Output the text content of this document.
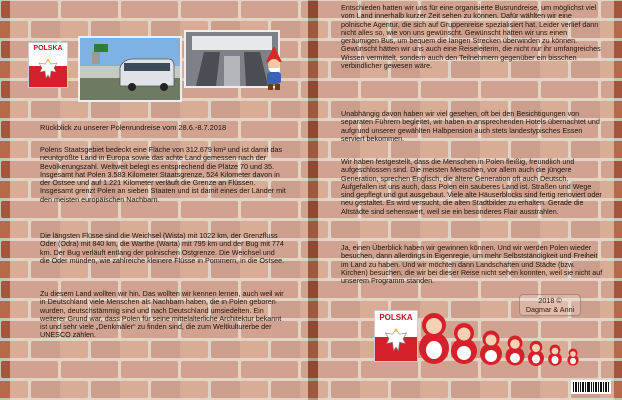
POLSKA
Rückblick zu unserer Polenrundreise vom 28.6.-8.7.2018

Polens Staatsgebiet bedeckt eine Fläche von 312.679 km² und ist damit das neuntgrößte Land in Europa sowie das achte Land gemessen nach der Bevölkerungszahl. Weltweit belegt es entsprechend die Plätze 70 und 35. Insgesamt hat Polen 3.583 Kilometer Staatsgrenze, 524 Kilometer davon in der Ostsee und auf 1.221 Kilometer verläuft die Grenze an Flüssen. Insgesamt grenzt Polen an sieben Staaten und ist damit eines der Länder mit den meisten europäischen Nachbarn.

Die längsten Flüsse sind die Weichsel (Wista) mit 1022 km, der Grenzfluss Oder (Odra) mit 840 km, die Warthe (Warta) mit 795 km und der Bug mit 774 km. Der Bug verläuft entlang der polnischen Ostgrenze. Die Weichsel und die Oder münden, wie zahlreiche kleinere Flüsse in Pommern, in die Ostsee.

Zu diesem Land wollten wir hin. Das wollten wir kennen lernen, auch weil wir in Deutschland viele Menschen als Nachbarn haben, die in Polen geboren wurden, deutschstämmig sind und nach Deutschland umsiedelten. Ein weiterer Grund war, dass Polen für seine mittelalterliche Architektur bekannt ist und sehr viele „Denkmäler“ zu finden sind, die zum Weltkulturerbe der UNESCO zählen.

Entschieden hatten wir uns für eine organisierte Busrundreise, um möglichst viel vom Land innerhalb kurzer Zeit sehen zu können. Dafür wählten wir eine polnische Agentur, die sich auf Gruppenreise spezialisiert hat. Leider verlief dann nicht alles so, wie von uns gewünscht. Gewünscht hätten wir uns einen geräumigen Bus, um bequem die langen Strecken überwinden zu können. Gewünscht hätten wir uns auch eine Reiseleiterin, die nicht nur ihr umfangreiches Wissen vermittelt, sondern auch den Teilnehmern gegenüber ein bisschen verbindlicher gewesen wäre.

Unabhängig davon haben wir viel gesehen, oft bei den Besichtigungen von separaten Führern begleitet, wir haben in ansprechenden Hotels übernachtet und aufgrund unserer gewählten Halbpension auch stets landestypisches Essen serviert bekommen.

Wir haben festgestellt, dass die Menschen in Polen fleißig, freundlich und aufgeschlossen sind. Die meisten Menschen, vor allem auch die jüngere Generation, sprechen Englisch, die ältere Generation oft auch Deutsch. Aufgefallen ist uns auch, dass Polen ein sauberes Land ist. Straßen und Wege sind gepflegt und gut ausgebaut. Viele alte Häuserblocks sind fertig renoviert oder neu gestaltet. Es wird versucht, die alten Stadtbilder zu erhalten. Gerade die Altstädte sind sehenswert, weil sie ein besonderes Flair ausstrahlen.

Ja, einen Überblick haben wir gewinnen können. Und wir werden Polen wieder besuchen, dann allerdings in Eigenregie, um mehr Selbstständigkeit und Freiheit im Land zu haben. Und wir möchten dann Landschaften und Städte (bzw. Kirchen) besuchen, die wir bei dieser Reise nicht sehen konnten, weil sie nicht auf unserem Programm standen.

2018 ©
Dagmar & Anni
POLSKA
